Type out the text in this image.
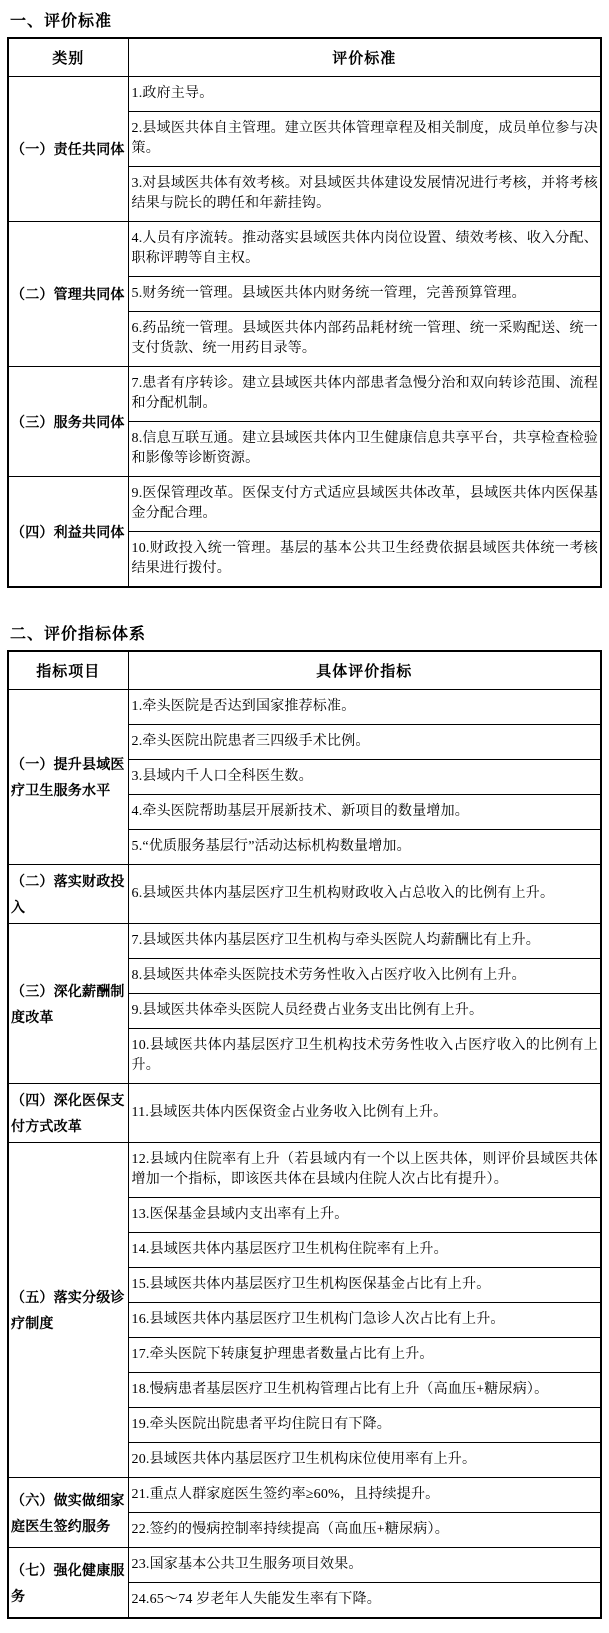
一、评价标准
类别	评价标准
（一）责任共同体	1.政府主导。
	2.县域医共体自主管理。建立医共体管理章程及相关制度，成员单位参与决策。
	3.对县域医共体有效考核。对县域医共体建设发展情况进行考核，并将考核结果与院长的聘任和年薪挂钩。
（二）管理共同体	4.人员有序流转。推动落实县域医共体内岗位设置、绩效考核、收入分配、职称评聘等自主权。
	5.财务统一管理。县域医共体内财务统一管理，完善预算管理。
	6.药品统一管理。县域医共体内部药品耗材统一管理、统一采购配送、统一支付货款、统一用药目录等。
（三）服务共同体	7.患者有序转诊。建立县域医共体内部患者急慢分治和双向转诊范围、流程和分配机制。
	8.信息互联互通。建立县域医共体内卫生健康信息共享平台，共享检查检验和影像等诊断资源。
（四）利益共同体	9.医保管理改革。医保支付方式适应县域医共体改革，县域医共体内医保基金分配合理。
	10.财政投入统一管理。基层的基本公共卫生经费依据县域医共体统一考核结果进行拨付。
二、评价指标体系
指标项目	具体评价指标
（一）提升县域医疗卫生服务水平	1.牵头医院是否达到国家推荐标准。
	2.牵头医院出院患者三四级手术比例。
	3.县域内千人口全科医生数。
	4.牵头医院帮助基层开展新技术、新项目的数量增加。
	5.“优质服务基层行”活动达标机构数量增加。
（二）落实财政投入	6.县域医共体内基层医疗卫生机构财政收入占总收入的比例有上升。
（三）深化薪酬制度改革	7.县域医共体内基层医疗卫生机构与牵头医院人均薪酬比有上升。
	8.县域医共体牵头医院技术劳务性收入占医疗收入比例有上升。
	9.县域医共体牵头医院人员经费占业务支出比例有上升。
	10.县域医共体内基层医疗卫生机构技术劳务性收入占医疗收入的比例有上升。
（四）深化医保支付方式改革	11.县域医共体内医保资金占业务收入比例有上升。
（五）落实分级诊疗制度	12.县域内住院率有上升（若县域内有一个以上医共体，则评价县域医共体增加一个指标，即该医共体在县域内住院人次占比有提升）。
	13.医保基金县域内支出率有上升。
	14.县域医共体内基层医疗卫生机构住院率有上升。
	15.县域医共体内基层医疗卫生机构医保基金占比有上升。
	16.县域医共体内基层医疗卫生机构门急诊人次占比有上升。
	17.牵头医院下转康复护理患者数量占比有上升。
	18.慢病患者基层医疗卫生机构管理占比有上升（高血压+糖尿病）。
	19.牵头医院出院患者平均住院日有下降。
	20.县域医共体内基层医疗卫生机构床位使用率有上升。
（六）做实做细家庭医生签约服务	21.重点人群家庭医生签约率≥60%，且持续提升。
	22.签约的慢病控制率持续提高（高血压+糖尿病）。
（七）强化健康服务	23.国家基本公共卫生服务项目效果。
	24.65～74 岁老年人失能发生率有下降。
